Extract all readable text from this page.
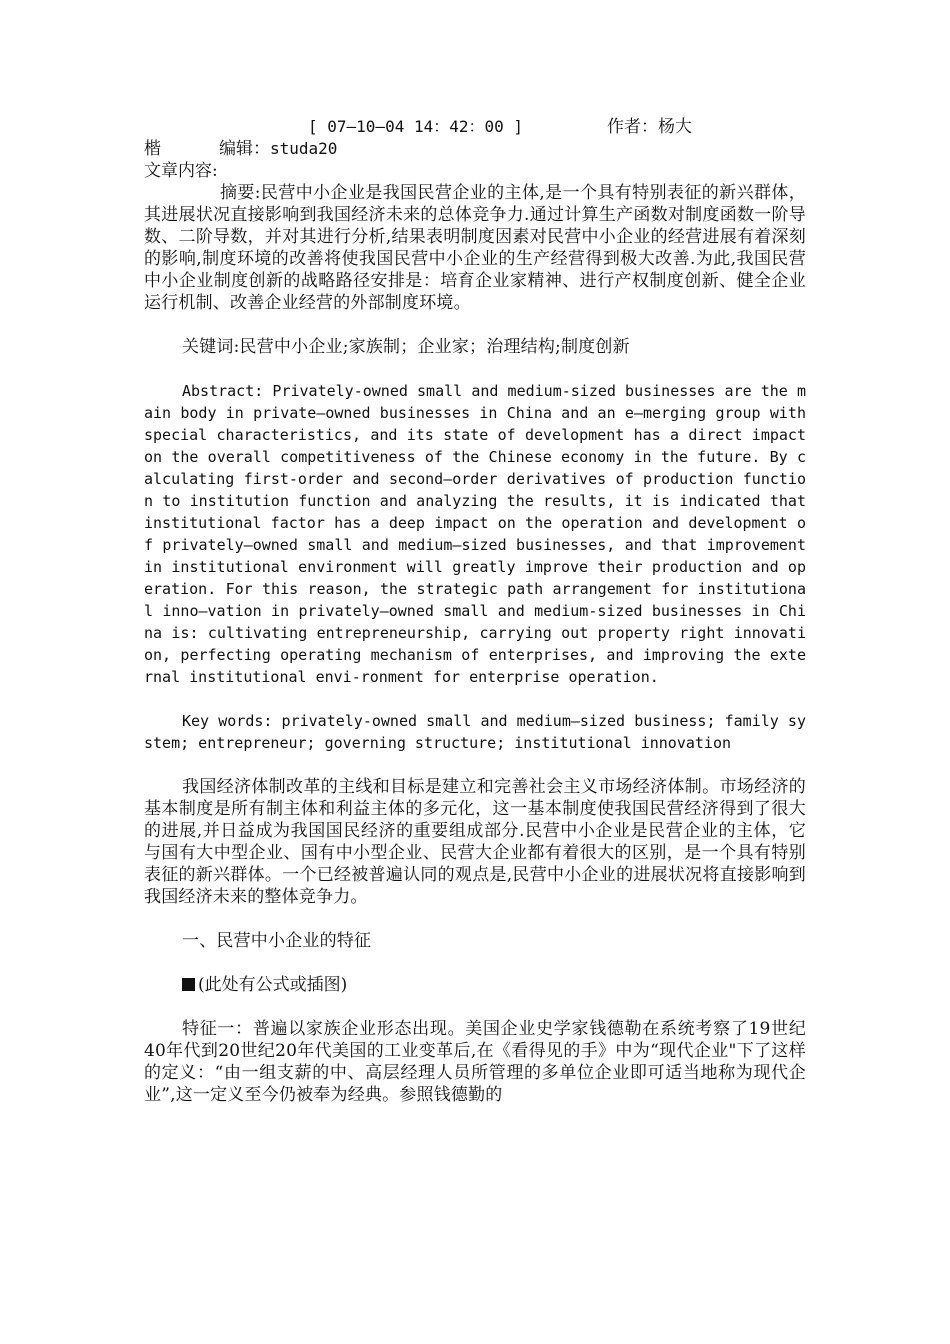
[ 07—10—04 14：42：00 ]	作者：杨大

楷	编辑：studa20

文章内容:

摘要:民营中小企业是我国民营企业的主体,是一个具有特别表征的新兴群体，其进展状况直接影响到我国经济未来的总体竞争力.通过计算生产函数对制度函数一阶导数、二阶导数，并对其进行分析,结果表明制度因素对民营中小企业的经营进展有着深刻的影响,制度环境的改善将使我国民营中小企业的生产经营得到极大改善.为此,我国民营中小企业制度创新的战略路径安排是：培育企业家精神、进行产权制度创新、健全企业运行机制、改善企业经营的外部制度环境。

关键词:民营中小企业;家族制；企业家；治理结构;制度创新

Abstract: Privately-owned small and medium-sized businesses are the main body in private—owned businesses in China and an e—merging group with special characteristics, and its state of development has a direct impact on the overall competitiveness of the Chinese economy in the future. By calculating first-order and second—order derivatives of production function to institution function and analyzing the results, it is indicated that institutional factor has a deep impact on the operation and development of privately—owned small and medium—sized businesses, and that improvement in institutional environment will greatly improve their production and operation. For this reason, the strategic path arrangement for institutional inno—vation in privately—owned small and medium-sized businesses in China is: cultivating entrepreneurship, carrying out property right innovation, perfecting operating mechanism of enterprises, and improving the external institutional envi-ronment for enterprise operation.

Key words: privately-owned small and medium—sized business; family system; entrepreneur; governing structure; institutional innovation

我国经济体制改革的主线和目标是建立和完善社会主义市场经济体制。市场经济的基本制度是所有制主体和利益主体的多元化，这一基本制度使我国民营经济得到了很大的进展,并日益成为我国国民经济的重要组成部分.民营中小企业是民营企业的主体，它与国有大中型企业、国有中小型企业、民营大企业都有着很大的区别，是一个具有特别表征的新兴群体。一个已经被普遍认同的观点是,民营中小企业的进展状况将直接影响到我国经济未来的整体竞争力。

一、民营中小企业的特征

(此处有公式或插图)

特征一：普遍以家族企业形态出现。美国企业史学家钱德勒在系统考察了19世纪40年代到20世纪20年代美国的工业变革后,在《看得见的手》中为“现代企业"下了这样的定义：“由一组支薪的中、高层经理人员所管理的多单位企业即可适当地称为现代企业”,这一定义至今仍被奉为经典。参照钱德勤的
